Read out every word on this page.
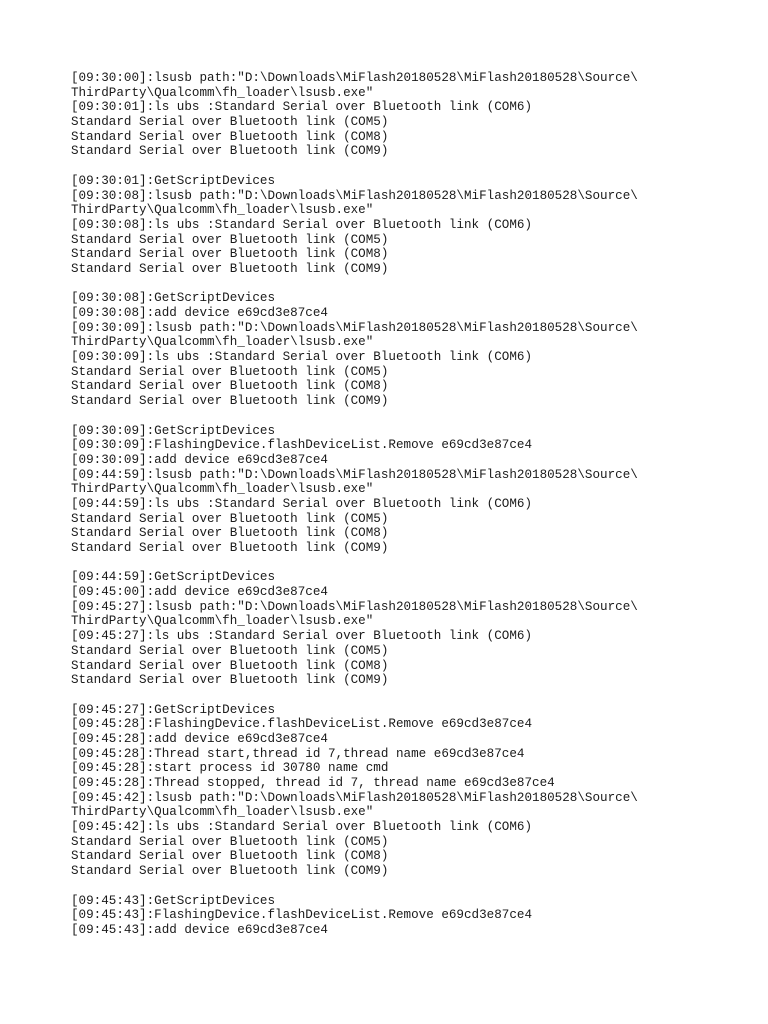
[09:30:00]:lsusb path:"D:\Downloads\MiFlash20180528\MiFlash20180528\Source\
ThirdParty\Qualcomm\fh_loader\lsusb.exe"
[09:30:01]:ls ubs :Standard Serial over Bluetooth link (COM6)
Standard Serial over Bluetooth link (COM5)
Standard Serial over Bluetooth link (COM8)
Standard Serial over Bluetooth link (COM9)
[09:30:01]:GetScriptDevices
[09:30:08]:lsusb path:"D:\Downloads\MiFlash20180528\MiFlash20180528\Source\
ThirdParty\Qualcomm\fh_loader\lsusb.exe"
[09:30:08]:ls ubs :Standard Serial over Bluetooth link (COM6)
Standard Serial over Bluetooth link (COM5)
Standard Serial over Bluetooth link (COM8)
Standard Serial over Bluetooth link (COM9)
[09:30:08]:GetScriptDevices
[09:30:08]:add device e69cd3e87ce4
[09:30:09]:lsusb path:"D:\Downloads\MiFlash20180528\MiFlash20180528\Source\
ThirdParty\Qualcomm\fh_loader\lsusb.exe"
[09:30:09]:ls ubs :Standard Serial over Bluetooth link (COM6)
Standard Serial over Bluetooth link (COM5)
Standard Serial over Bluetooth link (COM8)
Standard Serial over Bluetooth link (COM9)
[09:30:09]:GetScriptDevices
[09:30:09]:FlashingDevice.flashDeviceList.Remove e69cd3e87ce4
[09:30:09]:add device e69cd3e87ce4
[09:44:59]:lsusb path:"D:\Downloads\MiFlash20180528\MiFlash20180528\Source\
ThirdParty\Qualcomm\fh_loader\lsusb.exe"
[09:44:59]:ls ubs :Standard Serial over Bluetooth link (COM6)
Standard Serial over Bluetooth link (COM5)
Standard Serial over Bluetooth link (COM8)
Standard Serial over Bluetooth link (COM9)
[09:44:59]:GetScriptDevices
[09:45:00]:add device e69cd3e87ce4
[09:45:27]:lsusb path:"D:\Downloads\MiFlash20180528\MiFlash20180528\Source\
ThirdParty\Qualcomm\fh_loader\lsusb.exe"
[09:45:27]:ls ubs :Standard Serial over Bluetooth link (COM6)
Standard Serial over Bluetooth link (COM5)
Standard Serial over Bluetooth link (COM8)
Standard Serial over Bluetooth link (COM9)
[09:45:27]:GetScriptDevices
[09:45:28]:FlashingDevice.flashDeviceList.Remove e69cd3e87ce4
[09:45:28]:add device e69cd3e87ce4
[09:45:28]:Thread start,thread id 7,thread name e69cd3e87ce4
[09:45:28]:start process id 30780 name cmd
[09:45:28]:Thread stopped, thread id 7, thread name e69cd3e87ce4
[09:45:42]:lsusb path:"D:\Downloads\MiFlash20180528\MiFlash20180528\Source\
ThirdParty\Qualcomm\fh_loader\lsusb.exe"
[09:45:42]:ls ubs :Standard Serial over Bluetooth link (COM6)
Standard Serial over Bluetooth link (COM5)
Standard Serial over Bluetooth link (COM8)
Standard Serial over Bluetooth link (COM9)
[09:45:43]:GetScriptDevices
[09:45:43]:FlashingDevice.flashDeviceList.Remove e69cd3e87ce4
[09:45:43]:add device e69cd3e87ce4
